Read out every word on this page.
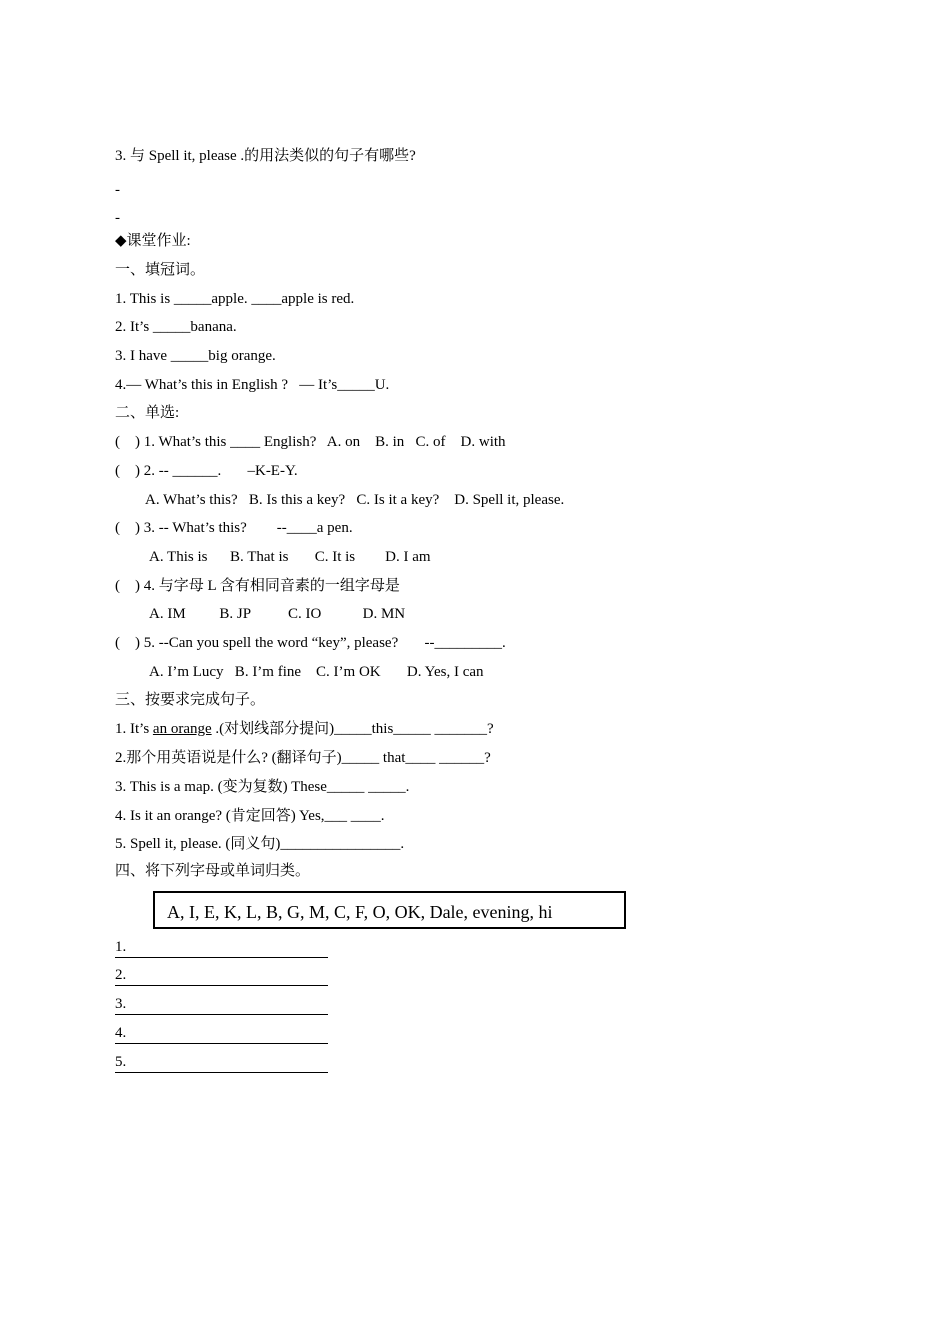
3. 与 Spell it, please .的用法类似的句子有哪些?
-
-
◆课堂作业:
一、填冠词。
1. This is _____apple. ____apple is red.
2. It’s _____banana.
3. I have _____big orange.
4.— What’s this in English ?   — It’s_____U.
二、单选:
(    ) 1. What’s this ____ English?   A. on    B. in   C. of    D. with
(    ) 2. -- ______.       –K-E-Y.
A. What’s this?   B. Is this a key?   C. Is it a key?    D. Spell it, please.
(    ) 3. -- What’s this?        --____a pen.
A. This is      B. That is       C. It is        D. I am
(    ) 4. 与字母 L 含有相同音素的一组字母是
A. IM         B. JP          C. IO           D. MN
(    ) 5. --Can you spell the word “key”, please?       --_________.
A. I’m Lucy   B. I’m fine    C. I’m OK       D. Yes, I can
三、按要求完成句子。
1. It’s an orange .(对划线部分提问)_____this_____ _______?
2.那个用英语说是什么? (翻译句子)_____ that____ ______?
3. This is a map. (变为复数) These_____ _____.
4. Is it an orange? (肯定回答) Yes,___ ____.
5. Spell it, please. (同义句)________________.
四、将下列字母或单词归类。
A, I, E, K, L, B, G, M, C, F, O, OK, Dale, evening, hi
1.
2.
3.
4.
5.
